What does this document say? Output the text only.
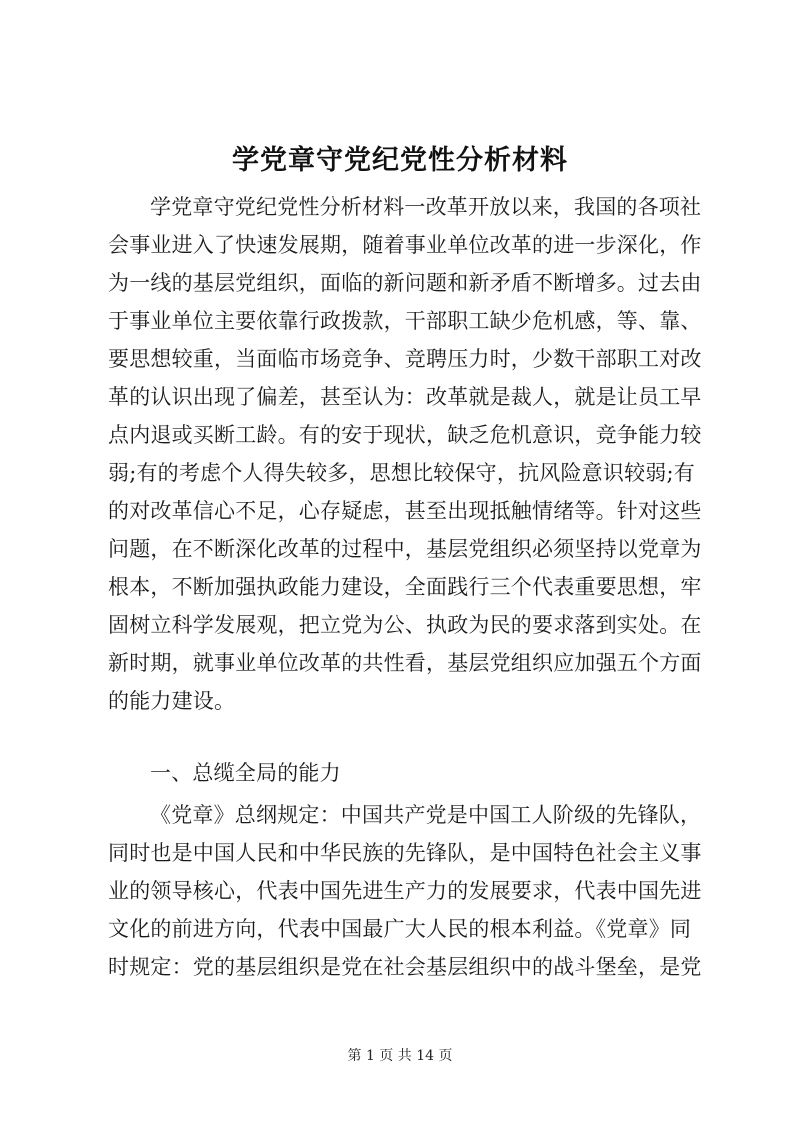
学党章守党纪党性分析材料
学党章守党纪党性分析材料一改革开放以来，我国的各项社
会事业进入了快速发展期，随着事业单位改革的进一步深化，作
为一线的基层党组织，面临的新问题和新矛盾不断增多。过去由
于事业单位主要依靠行政拨款，干部职工缺少危机感，等、靠、
要思想较重，当面临市场竞争、竞聘压力时，少数干部职工对改
革的认识出现了偏差，甚至认为：改革就是裁人，就是让员工早
点内退或买断工龄。有的安于现状，缺乏危机意识，竞争能力较
弱;有的考虑个人得失较多，思想比较保守，抗风险意识较弱;有
的对改革信心不足，心存疑虑，甚至出现抵触情绪等。针对这些
问题，在不断深化改革的过程中，基层党组织必须坚持以党章为
根本，不断加强执政能力建设，全面践行三个代表重要思想，牢
固树立科学发展观，把立党为公、执政为民的要求落到实处。在
新时期，就事业单位改革的共性看，基层党组织应加强五个方面
的能力建设。
一、总缆全局的能力
《党章》总纲规定：中国共产党是中国工人阶级的先锋队，
同时也是中国人民和中华民族的先锋队，是中国特色社会主义事
业的领导核心，代表中国先进生产力的发展要求，代表中国先进
文化的前进方向，代表中国最广大人民的根本利益。《党章》同
时规定：党的基层组织是党在社会基层组织中的战斗堡垒，是党
第 1 页 共 14 页
